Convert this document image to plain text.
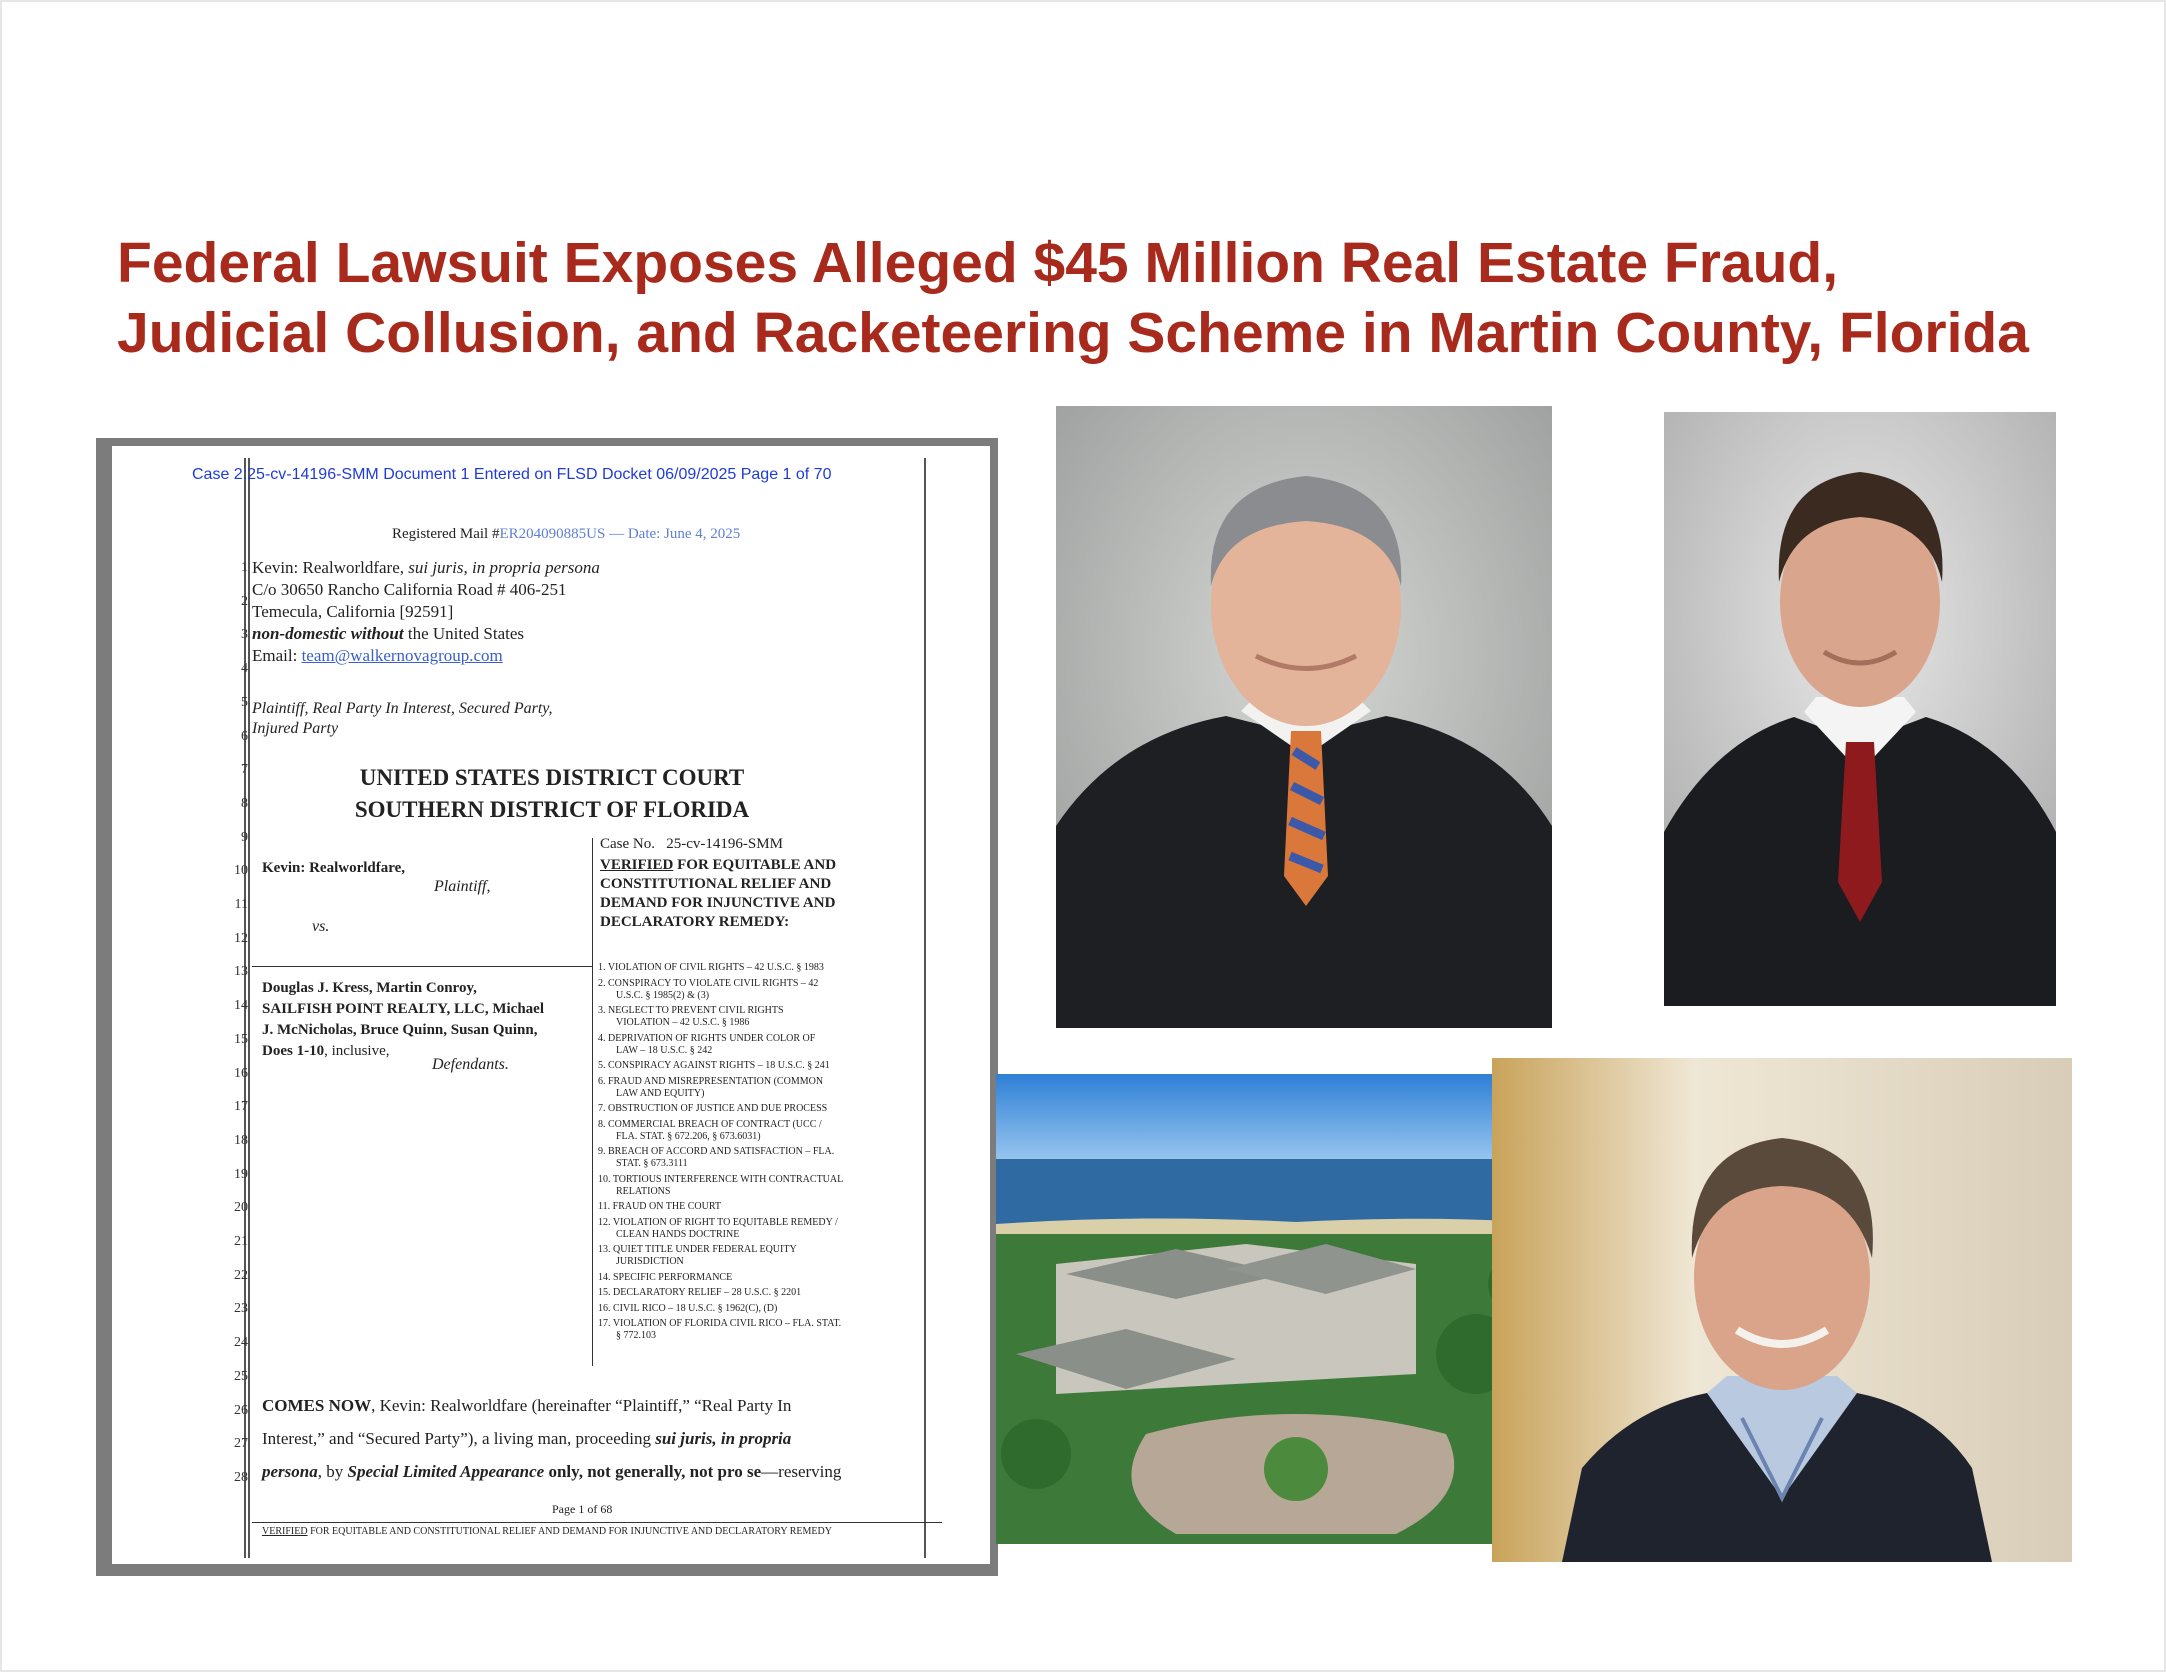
Federal Lawsuit Exposes Alleged $45 Million Real Estate Fraud,
Judicial Collusion, and Racketeering Scheme in Martin County, Florida
Case 2:25-cv-14196-SMM Document 1 Entered on FLSD Docket 06/09/2025 Page 1 of 70
Registered Mail #ER204090885US — Date: June 4, 2025
1
2
3
4
5
6
7
8
9
10
11
12
13
14
15
16
17
18
19
20
21
22
23
24
25
26
27
28
Kevin: Realworldfare, sui juris, in propria persona
C/o 30650 Rancho California Road # 406-251
Temecula, California [92591]
non-domestic without the United States
Email: team@walkernovagroup.com
Plaintiff, Real Party In Interest, Secured Party,
Injured Party
UNITED STATES DISTRICT COURT
SOUTHERN DISTRICT OF FLORIDA
Case No. 25-cv-14196-SMM
Kevin: Realworldfare,
Plaintiff,
vs.
Douglas J. Kress, Martin Conroy,
SAILFISH POINT REALTY, LLC, Michael
J. McNicholas, Bruce Quinn, Susan Quinn,
Does 1-10, inclusive,
Defendants.
VERIFIED FOR EQUITABLE AND
CONSTITUTIONAL RELIEF AND
DEMAND FOR INJUNCTIVE AND
DECLARATORY REMEDY:
1. VIOLATION OF CIVIL RIGHTS – 42 U.S.C. § 1983
2. CONSPIRACY TO VIOLATE CIVIL RIGHTS – 42
U.S.C. § 1985(2) & (3)
3. NEGLECT TO PREVENT CIVIL RIGHTS
VIOLATION – 42 U.S.C. § 1986
4. DEPRIVATION OF RIGHTS UNDER COLOR OF
LAW – 18 U.S.C. § 242
5. CONSPIRACY AGAINST RIGHTS – 18 U.S.C. § 241
6. FRAUD AND MISREPRESENTATION (COMMON
LAW AND EQUITY)
7. OBSTRUCTION OF JUSTICE AND DUE PROCESS
8. COMMERCIAL BREACH OF CONTRACT (UCC /
FLA. STAT. § 672.206, § 673.6031)
9. BREACH OF ACCORD AND SATISFACTION – FLA.
STAT. § 673.3111
10. TORTIOUS INTERFERENCE WITH CONTRACTUAL
RELATIONS
11. FRAUD ON THE COURT
12. VIOLATION OF RIGHT TO EQUITABLE REMEDY /
CLEAN HANDS DOCTRINE
13. QUIET TITLE UNDER FEDERAL EQUITY
JURISDICTION
14. SPECIFIC PERFORMANCE
15. DECLARATORY RELIEF – 28 U.S.C. § 2201
16. CIVIL RICO – 18 U.S.C. § 1962(C), (D)
17. VIOLATION OF FLORIDA CIVIL RICO – FLA. STAT.
§ 772.103
COMES NOW, Kevin: Realworldfare (hereinafter “Plaintiff,” “Real Party In
Interest,” and “Secured Party”), a living man, proceeding sui juris, in propria
persona, by Special Limited Appearance only, not generally, not pro se—reserving
Page 1 of 68
VERIFIED FOR EQUITABLE AND CONSTITUTIONAL RELIEF AND DEMAND FOR INJUNCTIVE AND DECLARATORY REMEDY
